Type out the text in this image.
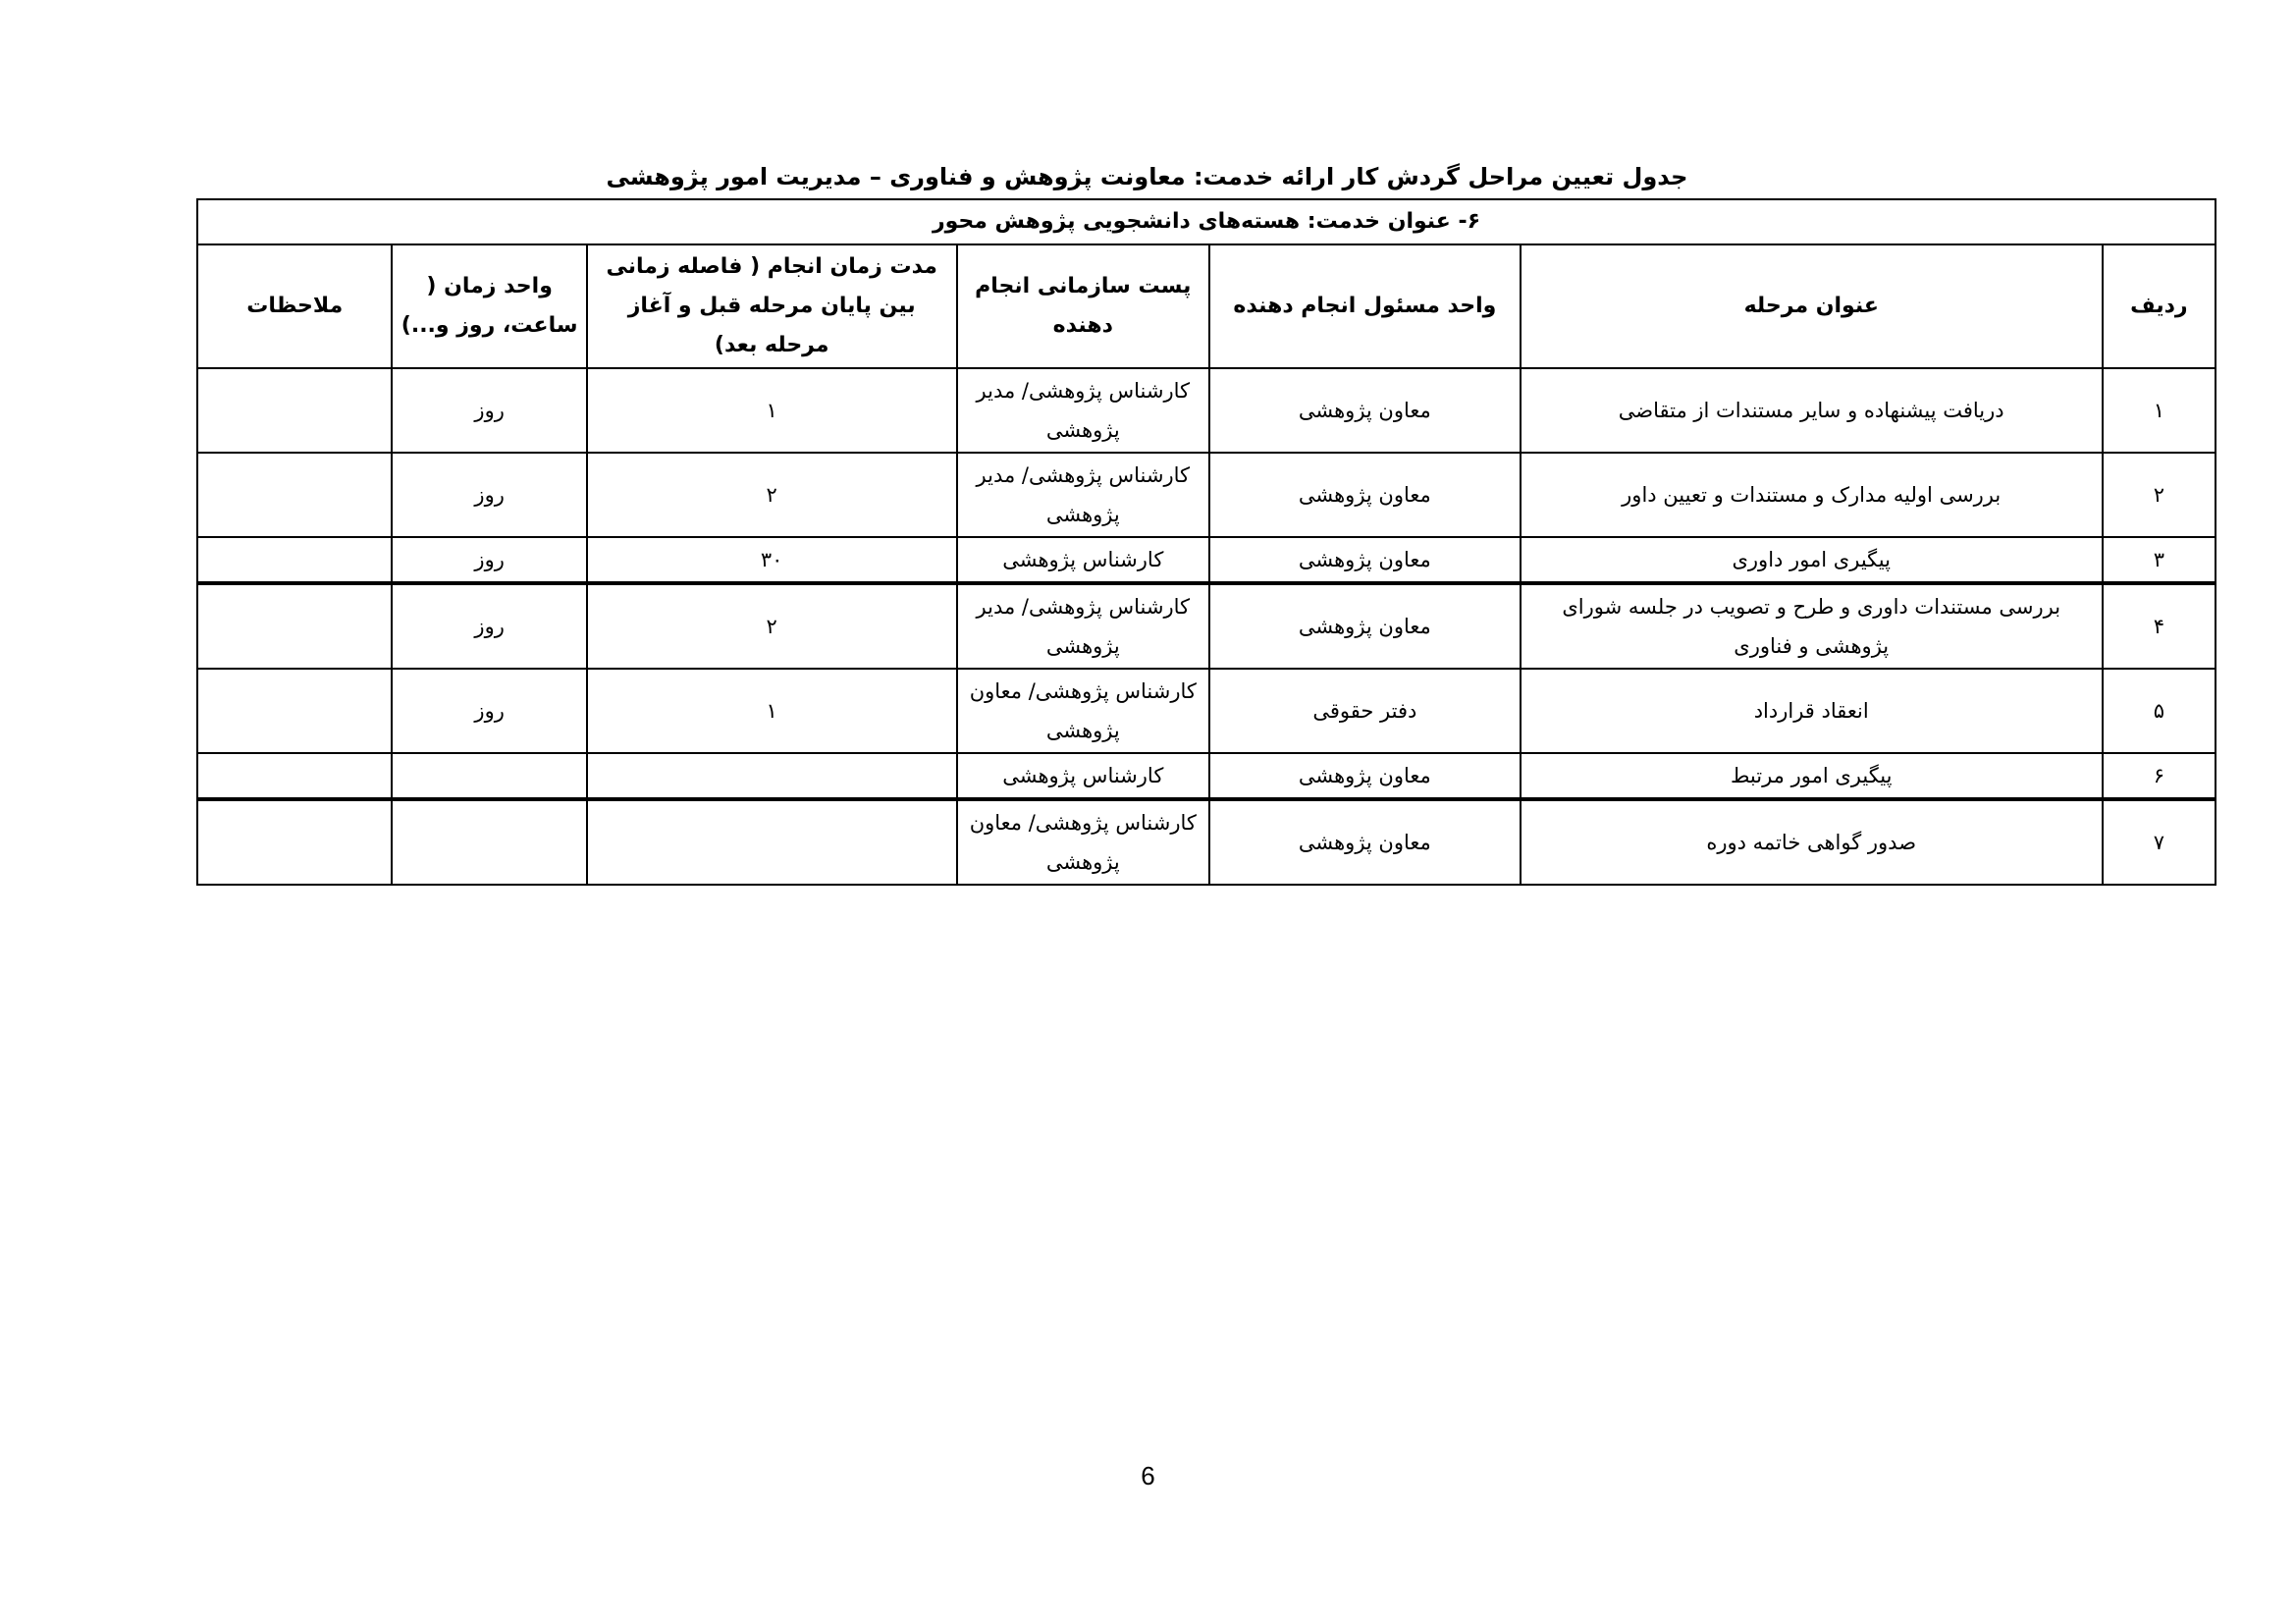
جدول تعیین مراحل گردش کار ارائه خدمت: معاونت پژوهش و فناوری – مدیریت امور پژوهشی
۶- عنوان خدمت: هسته‌های دانشجویی پژوهش محور						
ردیف	عنوان مرحله	واحد مسئول انجام دهنده	پست سازمانی انجام دهنده	مدت زمان انجام ( فاصله زمانی بین پایان مرحله قبل و آغاز مرحله بعد)	واحد زمان ( ساعت، روز و...)	ملاحظات
۱	دریافت پیشنهاده و سایر مستندات از متقاضی	معاون پژوهشی	کارشناس پژوهشی/ مدیر پژوهشی	۱	روز	
۲	بررسی اولیه مدارک و مستندات و تعیین داور	معاون پژوهشی	کارشناس پژوهشی/ مدیر پژوهشی	۲	روز	
۳	پیگیری امور داوری	معاون پژوهشی	کارشناس پژوهشی	۳۰	روز	
۴	بررسی مستندات داوری و طرح و تصویب در جلسه شورای پژوهشی و فناوری	معاون پژوهشی	کارشناس پژوهشی/ مدیر پژوهشی	۲	روز	
۵	انعقاد قرارداد	دفتر حقوقی	کارشناس پژوهشی/ معاون پژوهشی	۱	روز	
۶	پیگیری امور مرتبط	معاون پژوهشی	کارشناس پژوهشی			
۷	صدور گواهی خاتمه دوره	معاون پژوهشی	کارشناس پژوهشی/ معاون پژوهشی			
6
